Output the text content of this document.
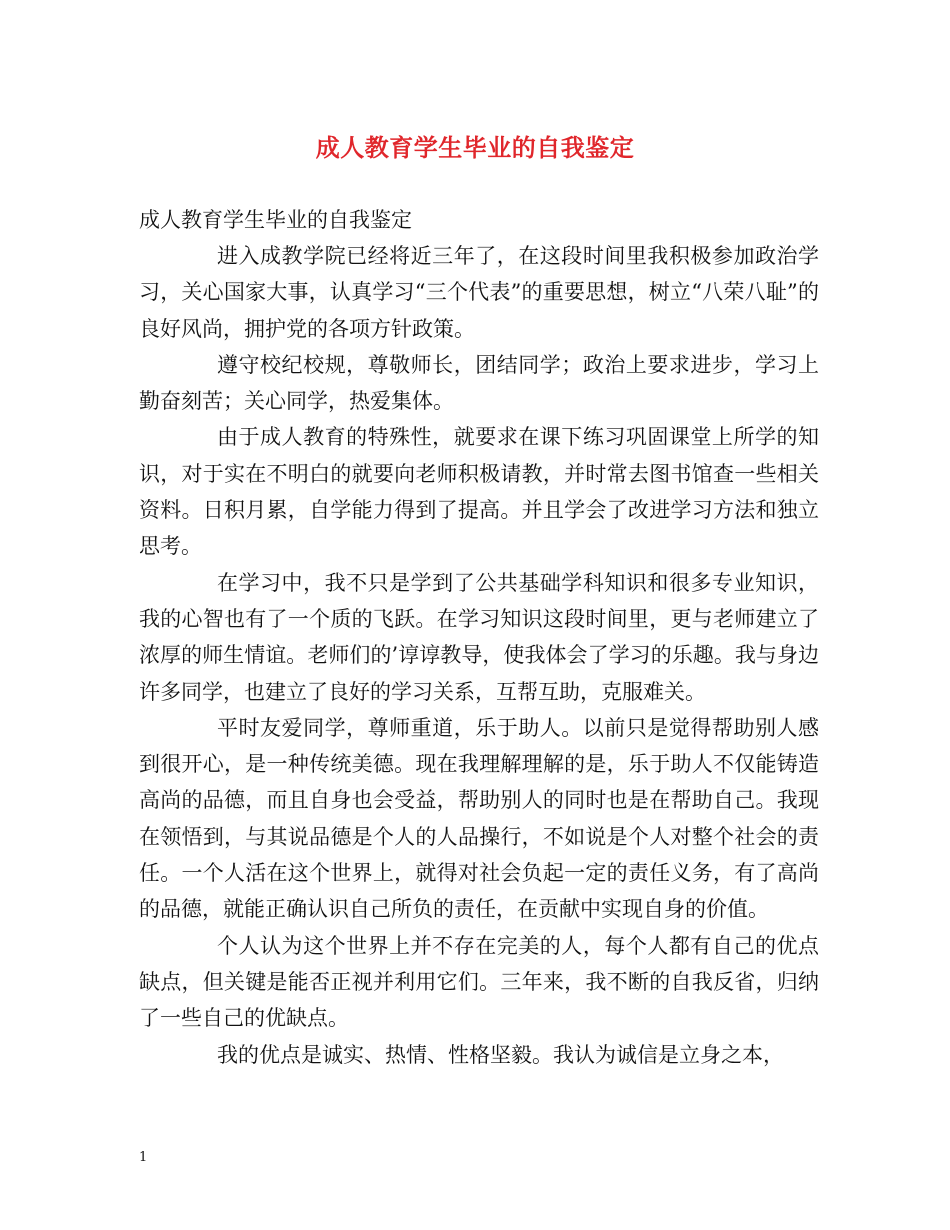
成人教育学生毕业的自我鉴定

成人教育学生毕业的自我鉴定

进入成教学院已经将近三年了，在这段时间里我积极参加政治学习，关心国家大事，认真学习“三个代表”的重要思想，树立“八荣八耻”的良好风尚，拥护党的各项方针政策。

遵守校纪校规，尊敬师长，团结同学；政治上要求进步，学习上勤奋刻苦；关心同学，热爱集体。

由于成人教育的特殊性，就要求在课下练习巩固课堂上所学的知识，对于实在不明白的就要向老师积极请教，并时常去图书馆查一些相关资料。日积月累，自学能力得到了提高。并且学会了改进学习方法和独立思考。

在学习中，我不只是学到了公共基础学科知识和很多专业知识，我的心智也有了一个质的飞跃。在学习知识这段时间里，更与老师建立了浓厚的师生情谊。老师们的’谆谆教导，使我体会了学习的乐趣。我与身边许多同学，也建立了良好的学习关系，互帮互助，克服难关。

平时友爱同学，尊师重道，乐于助人。以前只是觉得帮助别人感到很开心，是一种传统美德。现在我理解理解的是，乐于助人不仅能铸造高尚的品德，而且自身也会受益，帮助别人的同时也是在帮助自己。我现在领悟到，与其说品德是个人的人品操行，不如说是个人对整个社会的责任。一个人活在这个世界上，就得对社会负起一定的责任义务，有了高尚的品德，就能正确认识自己所负的责任，在贡献中实现自身的价值。

个人认为这个世界上并不存在完美的人，每个人都有自己的优点缺点，但关键是能否正视并利用它们。三年来，我不断的自我反省，归纳了一些自己的优缺点。

我的优点是诚实、热情、性格坚毅。我认为诚信是立身之本，

1
